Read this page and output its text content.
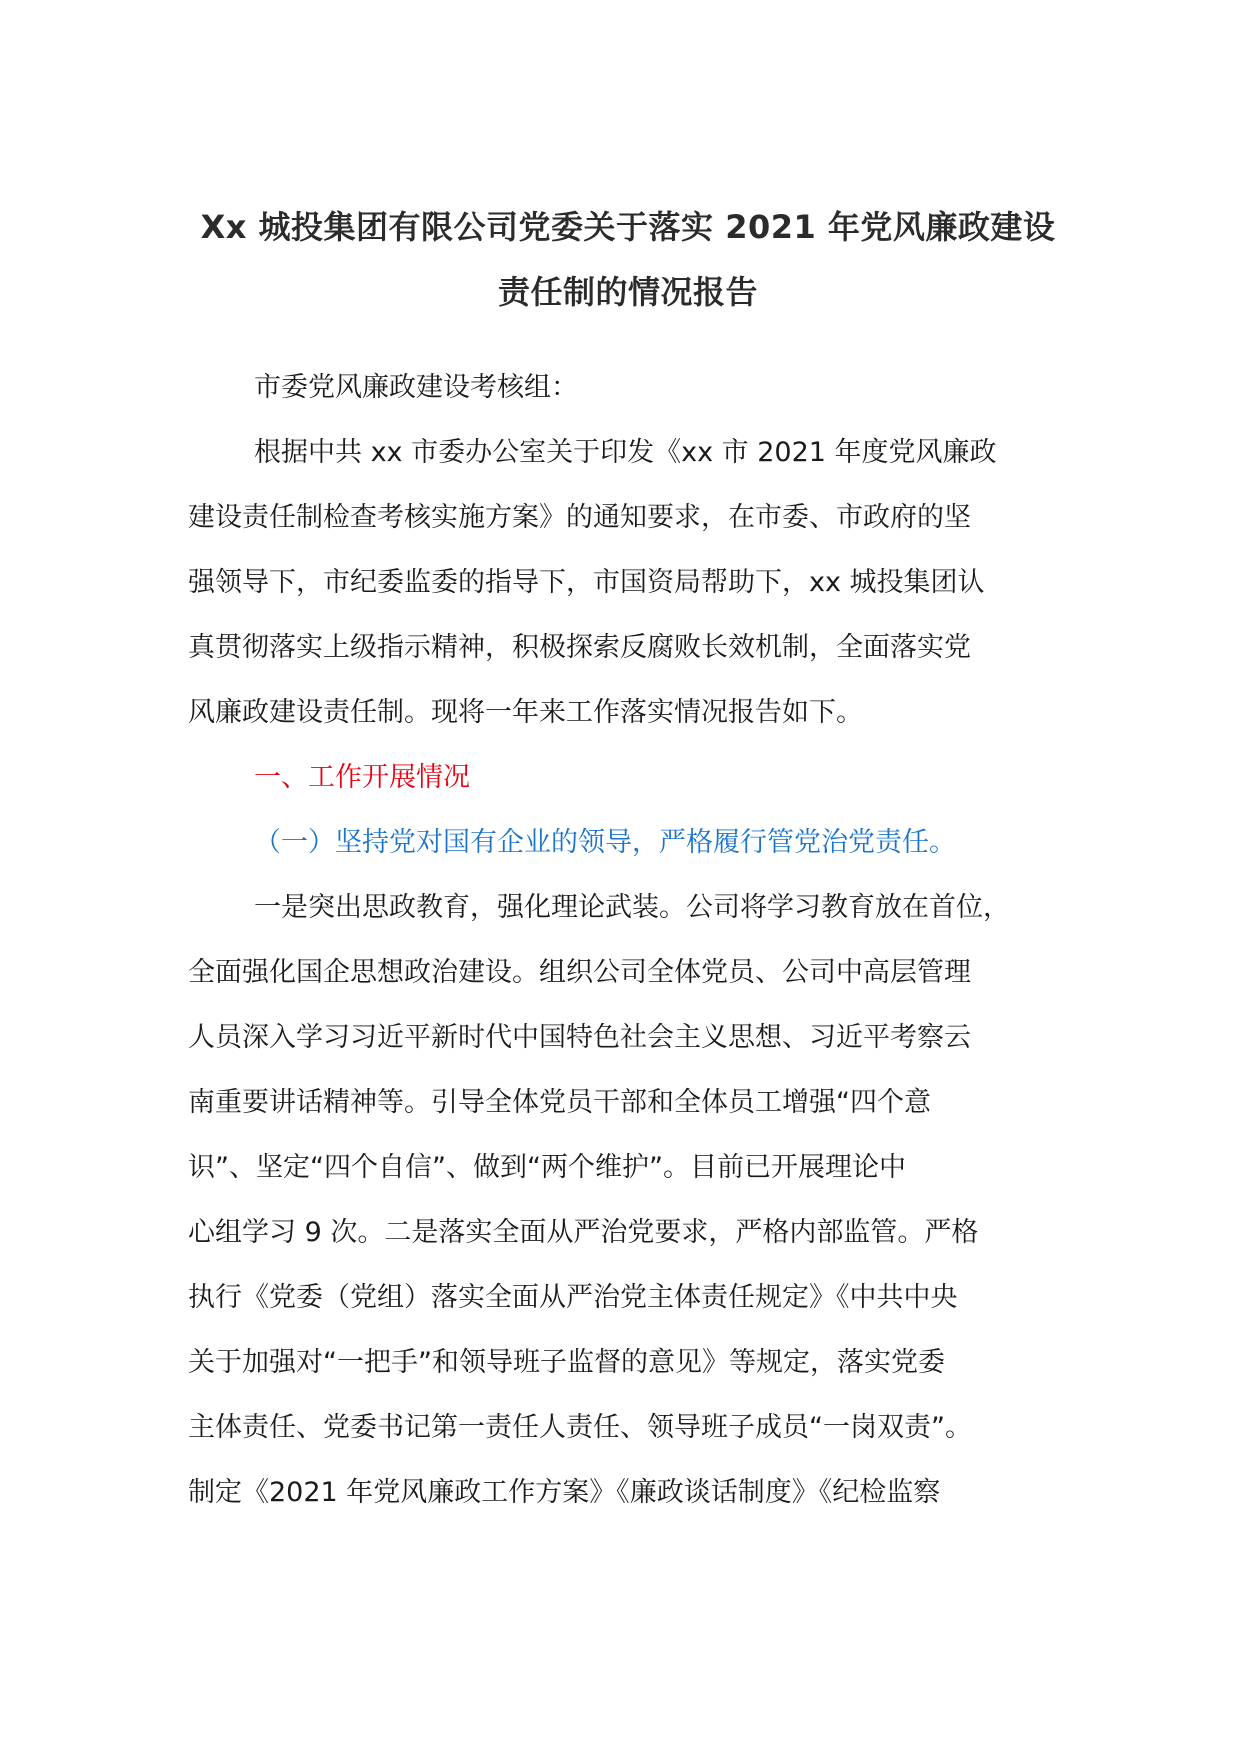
Xx 城投集团有限公司党委关于落实 2021 年党风廉政建设
责任制的情况报告

市委党风廉政建设考核组：

根据中共 xx 市委办公室关于印发《xx 市 2021 年度党风廉政
建设责任制检查考核实施方案》的通知要求，在市委、市政府的坚
强领导下，市纪委监委的指导下，市国资局帮助下，xx 城投集团认
真贯彻落实上级指示精神，积极探索反腐败长效机制，全面落实党
风廉政建设责任制。现将一年来工作落实情况报告如下。

一、工作开展情况

（一）坚持党对国有企业的领导，严格履行管党治党责任。

一是突出思政教育，强化理论武装。公司将学习教育放在首位，
全面强化国企思想政治建设。组织公司全体党员、公司中高层管理
人员深入学习习近平新时代中国特色社会主义思想、习近平考察云
南重要讲话精神等。引导全体党员干部和全体员工增强“四个意
识”、坚定“四个自信”、做到“两个维护”。目前已开展理论中
心组学习 9 次。二是落实全面从严治党要求，严格内部监管。严格
执行《党委（党组）落实全面从严治党主体责任规定》《中共中央
关于加强对“一把手”和领导班子监督的意见》等规定，落实党委
主体责任、党委书记第一责任人责任、领导班子成员“一岗双责”。
制定《2021 年党风廉政工作方案》《廉政谈话制度》《纪检监察
